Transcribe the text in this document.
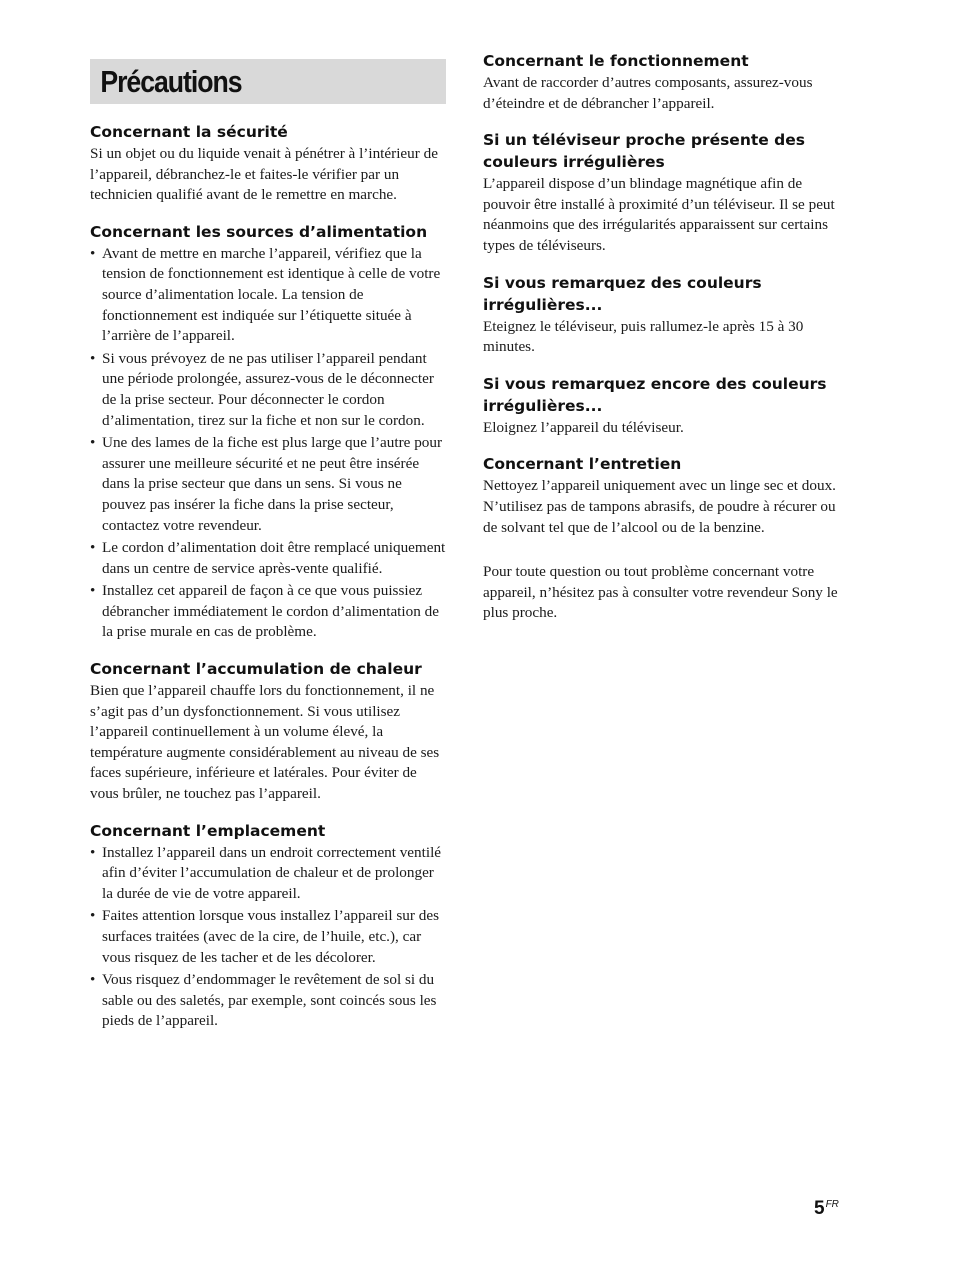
Précautions
Concernant la sécurité

Si un objet ou du liquide venait à pénétrer à l’intérieur de l’appareil, débranchez-le et faites-le vérifier par un technicien qualifié avant de le remettre en marche.

Concernant les sources d’alimentation
• Avant de mettre en marche l’appareil, vérifiez que la tension de fonctionnement est identique à celle de votre source d’alimentation locale. La tension de fonctionnement est indiquée sur l’étiquette située à l’arrière de l’appareil.
• Si vous prévoyez de ne pas utiliser l’appareil pendant une période prolongée, assurez-vous de le déconnecter de la prise secteur. Pour déconnecter le cordon d’alimentation, tirez sur la fiche et non sur le cordon.
• Une des lames de la fiche est plus large que l’autre pour assurer une meilleure sécurité et ne peut être insérée dans la prise secteur que dans un sens. Si vous ne pouvez pas insérer la fiche dans la prise secteur, contactez votre revendeur.
• Le cordon d’alimentation doit être remplacé uniquement dans un centre de service après-vente qualifié.
• Installez cet appareil de façon à ce que vous puissiez débrancher immédiatement le cordon d’alimentation de la prise murale en cas de problème.
Concernant l’accumulation de chaleur

Bien que l’appareil chauffe lors du fonctionnement, il ne s’agit pas d’un dysfonctionnement. Si vous utilisez l’appareil continuellement à un volume élevé, la température augmente considérablement au niveau de ses faces supérieure, inférieure et latérales. Pour éviter de vous brûler, ne touchez pas l’appareil.

Concernant l’emplacement
• Installez l’appareil dans un endroit correctement ventilé afin d’éviter l’accumulation de chaleur et de prolonger la durée de vie de votre appareil.
• Faites attention lorsque vous installez l’appareil sur des surfaces traitées (avec de la cire, de l’huile, etc.), car vous risquez de les tacher et de les décolorer.
• Vous risquez d’endommager le revêtement de sol si du sable ou des saletés, par exemple, sont coincés sous les pieds de l’appareil.
Concernant le fonctionnement

Avant de raccorder d’autres composants, assurez-vous d’éteindre et de débrancher l’appareil.

Si un téléviseur proche présente des couleurs irrégulières

L’appareil dispose d’un blindage magnétique afin de pouvoir être installé à proximité d’un téléviseur. Il se peut néanmoins que des irrégularités apparaissent sur certains types de téléviseurs.

Si vous remarquez des couleurs irrégulières...

Eteignez le téléviseur, puis rallumez-le après 15 à 30 minutes.

Si vous remarquez encore des couleurs irrégulières...

Eloignez l’appareil du téléviseur.

Concernant l’entretien

Nettoyez l’appareil uniquement avec un linge sec et doux. N’utilisez pas de tampons abrasifs, de poudre à récurer ou de solvant tel que de l’alcool ou de la benzine.

Pour toute question ou tout problème concernant votre appareil, n’hésitez pas à consulter votre revendeur Sony le plus proche.

$5^{FR}$
